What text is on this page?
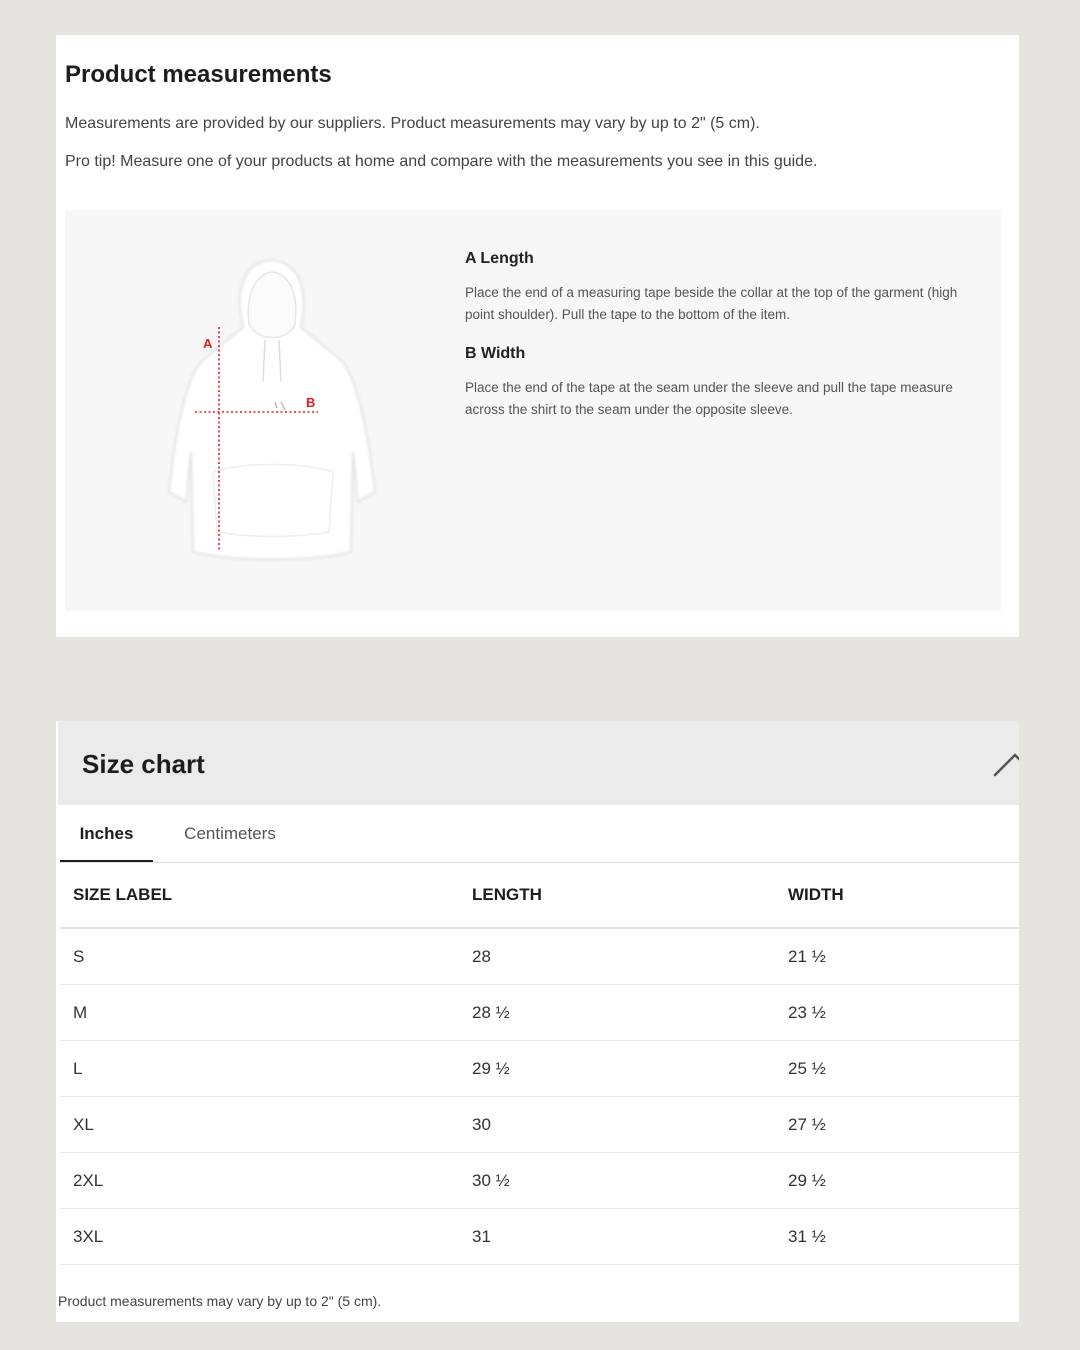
Product measurements

Measurements are provided by our suppliers. Product measurements may vary by up to 2" (5 cm).

Pro tip! Measure one of your products at home and compare with the measurements you see in this guide.

A
B
A Length

Place the end of a measuring tape beside the collar at the top of the garment (high point shoulder). Pull the tape to the bottom of the item.

B Width

Place the end of the tape at the seam under the sleeve and pull the tape measure across the shirt to the seam under the opposite sleeve.

Size chart
Inches	Centimeters
SIZE LABEL	LENGTH	WIDTH
S	28	21 ½
M	28 ½	23 ½
L	29 ½	25 ½
XL	30	27 ½
2XL	30 ½	29 ½
3XL	31	31 ½

Product measurements may vary by up to 2" (5 cm).
